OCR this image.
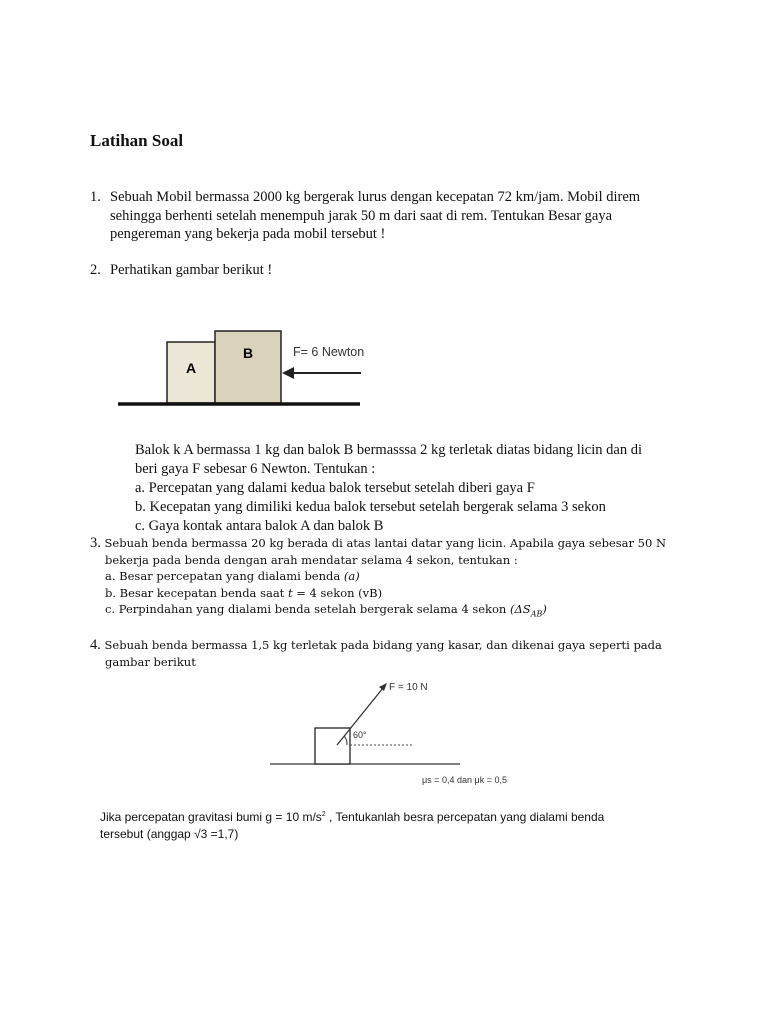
Latihan Soal
1. Sebuah Mobil bermassa 2000 kg bergerak lurus dengan kecepatan 72 km/jam. Mobil direm
sehingga berhenti setelah menempuh jarak 50 m dari saat di rem. Tentukan Besar gaya
pengereman yang bekerja pada mobil tersebut !
2. Perhatikan gambar berikut !
A
B	F= 6 Newton
Balok k A bermassa 1 kg dan balok B bermasssa 2 kg terletak diatas bidang licin dan di
beri gaya F sebesar 6 Newton. Tentukan :
a. Percepatan yang dalami kedua balok tersebut setelah diberi gaya F
b. Kecepatan yang dimiliki kedua balok tersebut setelah bergerak selama 3 sekon
c. Gaya kontak antara balok A dan balok B
3. Sebuah benda bermassa 20 kg berada di atas lantai datar yang licin. Apabila gaya sebesar 50 N
bekerja pada benda dengan arah mendatar selama 4 sekon, tentukan :
a. Besar percepatan yang dialami benda (a)
b. Besar kecepatan benda saat t = 4 sekon (vB)
c. Perpindahan yang dialami benda setelah bergerak selama 4 sekon $(\Delta S_{AB})$
4. Sebuah benda bermassa 1,5 kg terletak pada bidang yang kasar, dan dikenai gaya seperti pada
gambar berikut
F = 10 N
60°
μs = 0,4 dan μk = 0,5
Jika percepatan gravitasi bumi g = 10 $m/s^2$ , Tentukanlah besra percepatan yang dialami benda
tersebut (anggap √3 =1,7)
